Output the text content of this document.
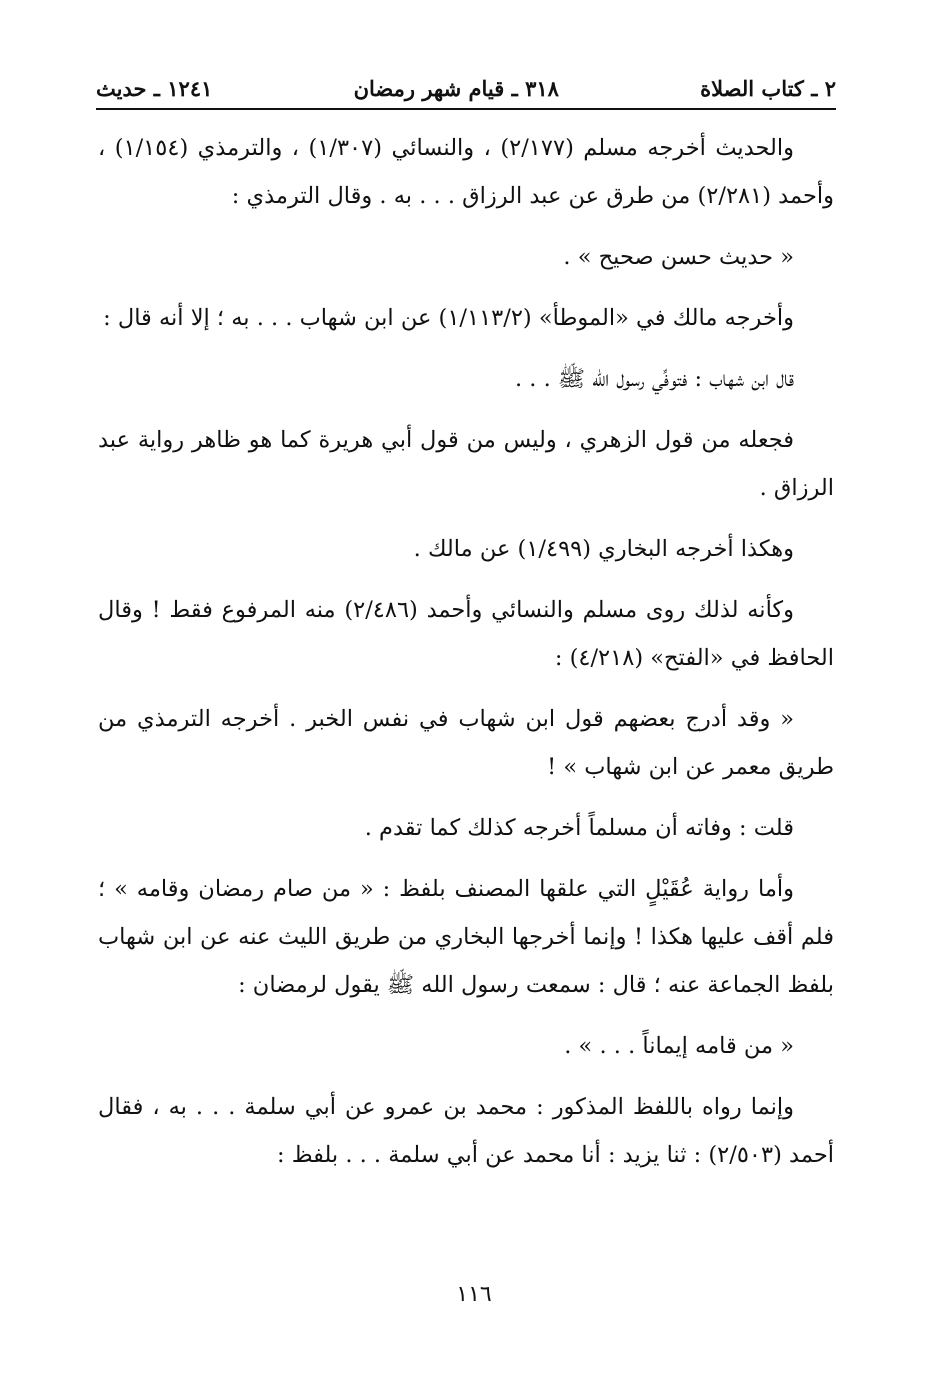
٢ ـ كتاب الصلاة
٣١٨ ـ قيام شهر رمضان
١٢٤١ ـ حديث

والحديث أخرجه مسلم (٢/١٧٧) ، والنسائي (١/٣٠٧) ، والترمذي (١/١٥٤) ، وأحمد (٢/٢٨١) من طرق عن عبد الرزاق . . . به . وقال الترمذي :

« حديث حسن صحيح » .

وأخرجه مالك في «الموطأ» (١/١١٣/٢) عن ابن شهاب . . . به ؛ إلا أنه قال :

قال ابن شهاب : فتوفِّي رسول الله ﷺ . . .

فجعله من قول الزهري ، وليس من قول أبي هريرة كما هو ظاهر رواية عبد الرزاق .

وهكذا أخرجه البخاري (١/٤٩٩) عن مالك .

وكأنه لذلك روى مسلم والنسائي وأحمد (٢/٤٨٦) منه المرفوع فقط ! وقال الحافظ في «الفتح» (٤/٢١٨) :

« وقد أدرج بعضهم قول ابن شهاب في نفس الخبر . أخرجه الترمذي من طريق معمر عن ابن شهاب » !

قلت : وفاته أن مسلماً أخرجه كذلك كما تقدم .

وأما رواية عُقَيْلٍ التي علقها المصنف بلفظ : « من صام رمضان وقامه » ؛ فلم أقف عليها هكذا ! وإنما أخرجها البخاري من طريق الليث عنه عن ابن شهاب بلفظ الجماعة عنه ؛ قال : سمعت رسول الله ﷺ يقول لرمضان :

« من قامه إيماناً . . . » .

وإنما رواه باللفظ المذكور : محمد بن عمرو عن أبي سلمة . . . به ، فقال أحمد (٢/٥٠٣) : ثنا يزيد : أنا محمد عن أبي سلمة . . . بلفظ :

١١٦
